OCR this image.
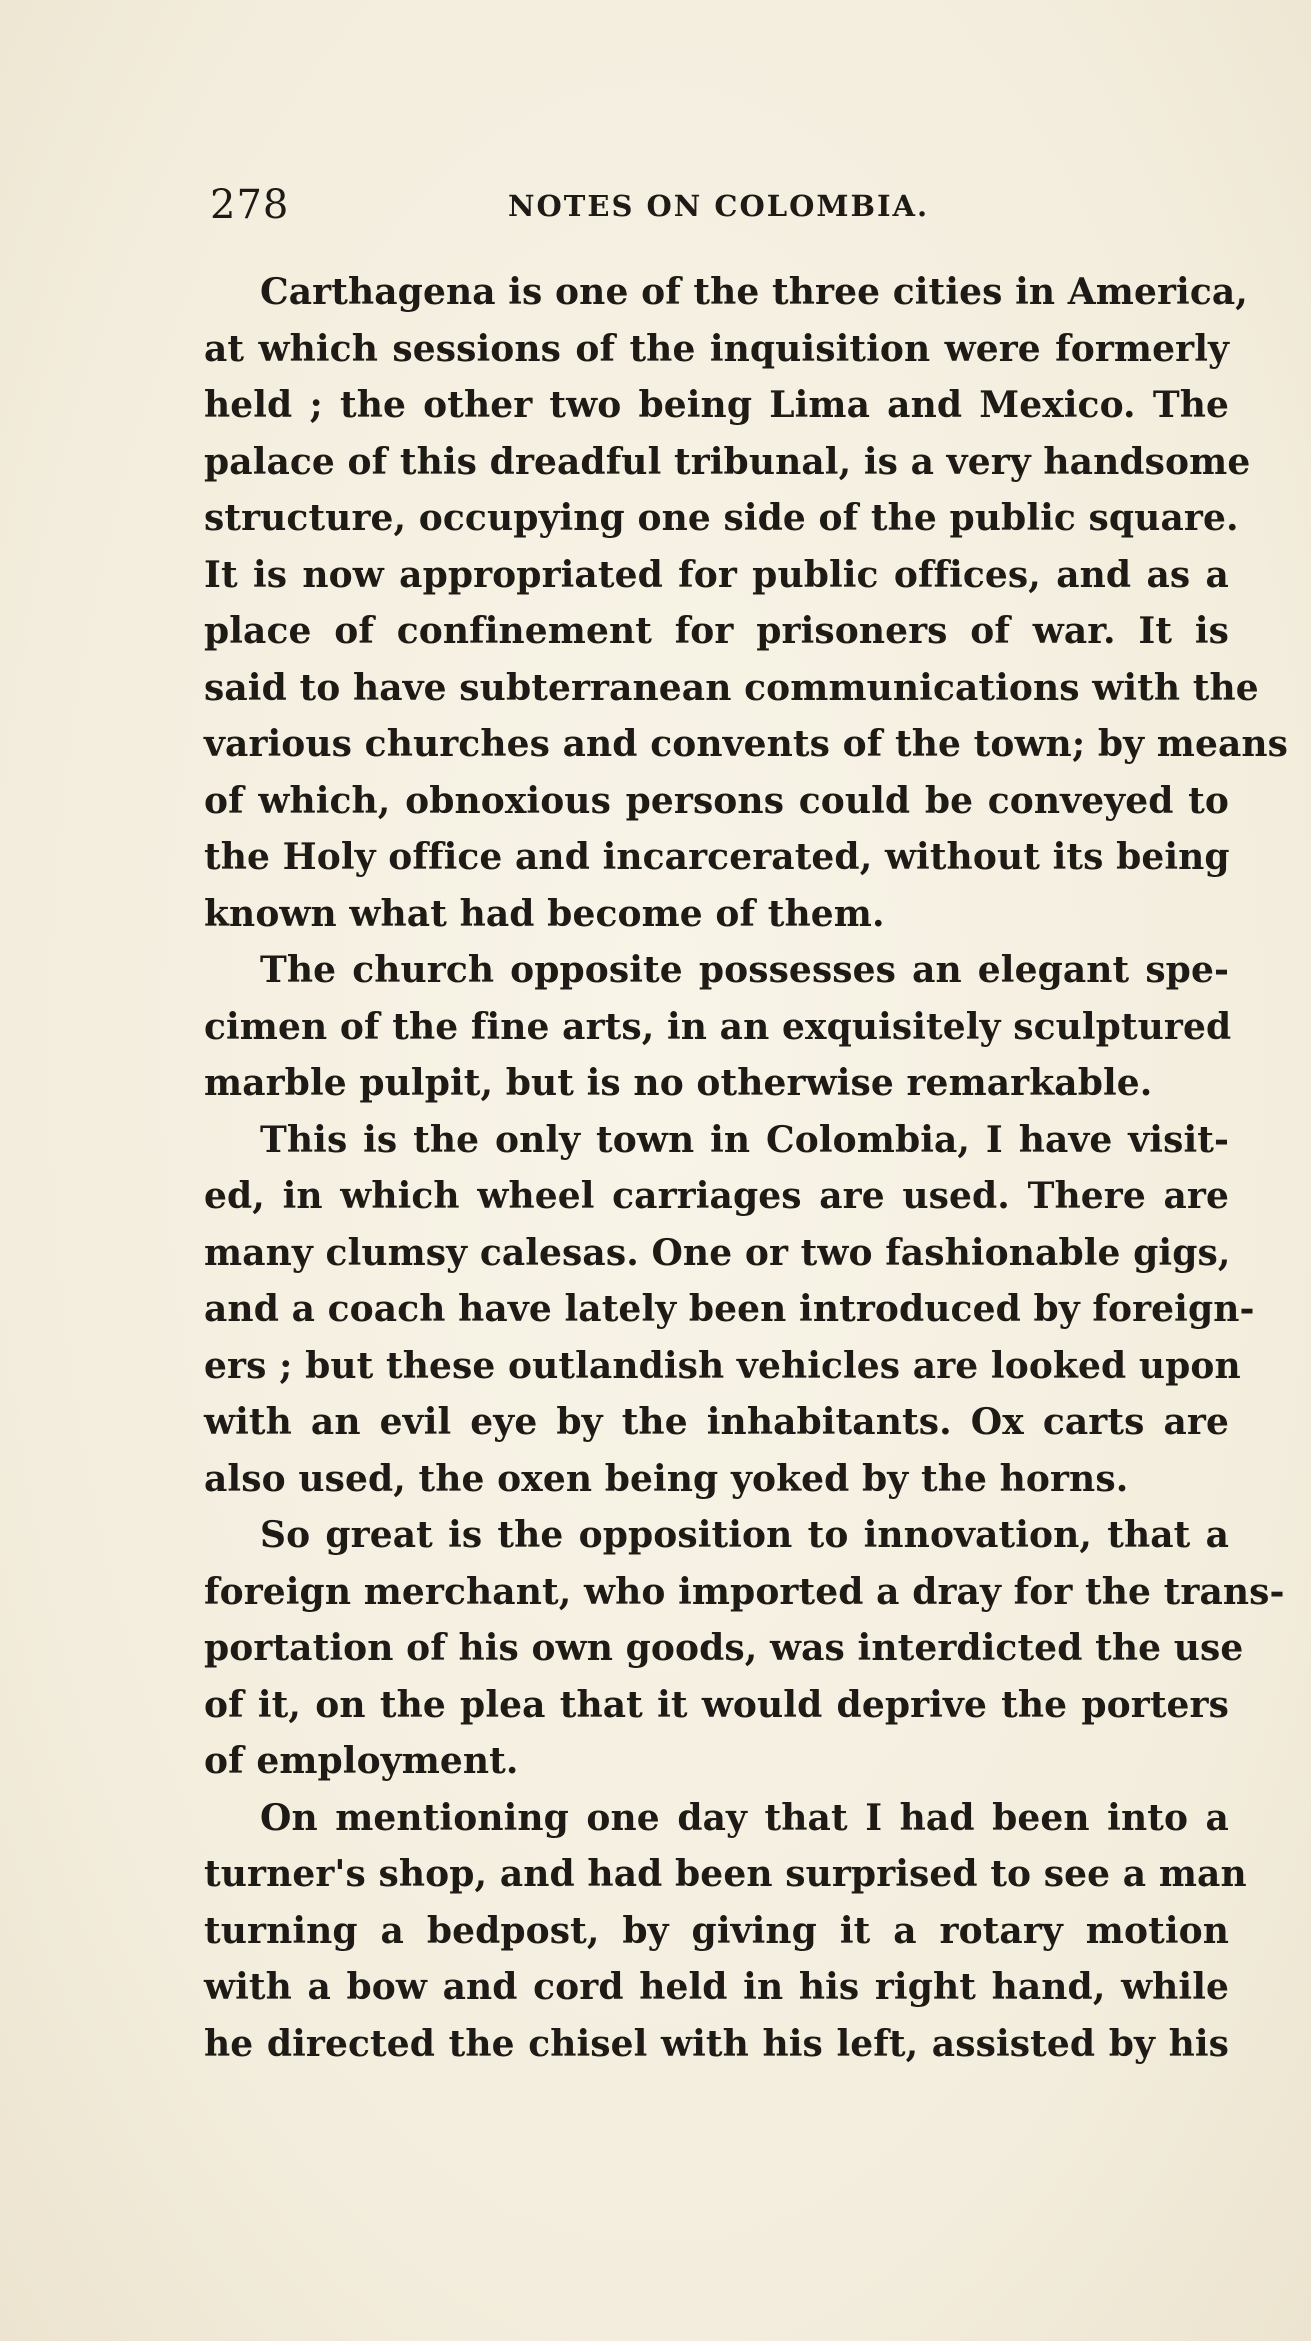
278	NOTES ON COLOMBIA.
Carthagena is one of the three cities in America,
at which sessions of the inquisition were formerly
held ; the other two being Lima and Mexico. The
palace of this dreadful tribunal, is a very handsome
structure, occupying one side of the public square.
It is now appropriated for public offices, and as a
place of confinement for prisoners of war. It is
said to have subterranean communications with the
various churches and convents of the town; by means
of which, obnoxious persons could be conveyed to
the Holy office and incarcerated, without its being
known what had become of them.
The church opposite possesses an elegant spe-
cimen of the fine arts, in an exquisitely sculptured
marble pulpit, but is no otherwise remarkable.
This is the only town in Colombia, I have visit-
ed, in which wheel carriages are used. There are
many clumsy calesas. One or two fashionable gigs,
and a coach have lately been introduced by foreign-
ers ; but these outlandish vehicles are looked upon
with an evil eye by the inhabitants. Ox carts are
also used, the oxen being yoked by the horns.
So great is the opposition to innovation, that a
foreign merchant, who imported a dray for the trans-
portation of his own goods, was interdicted the use
of it, on the plea that it would deprive the porters
of employment.
On mentioning one day that I had been into a
turner's shop, and had been surprised to see a man
turning a bedpost, by giving it a rotary motion
with a bow and cord held in his right hand, while
he directed the chisel with his left, assisted by his
